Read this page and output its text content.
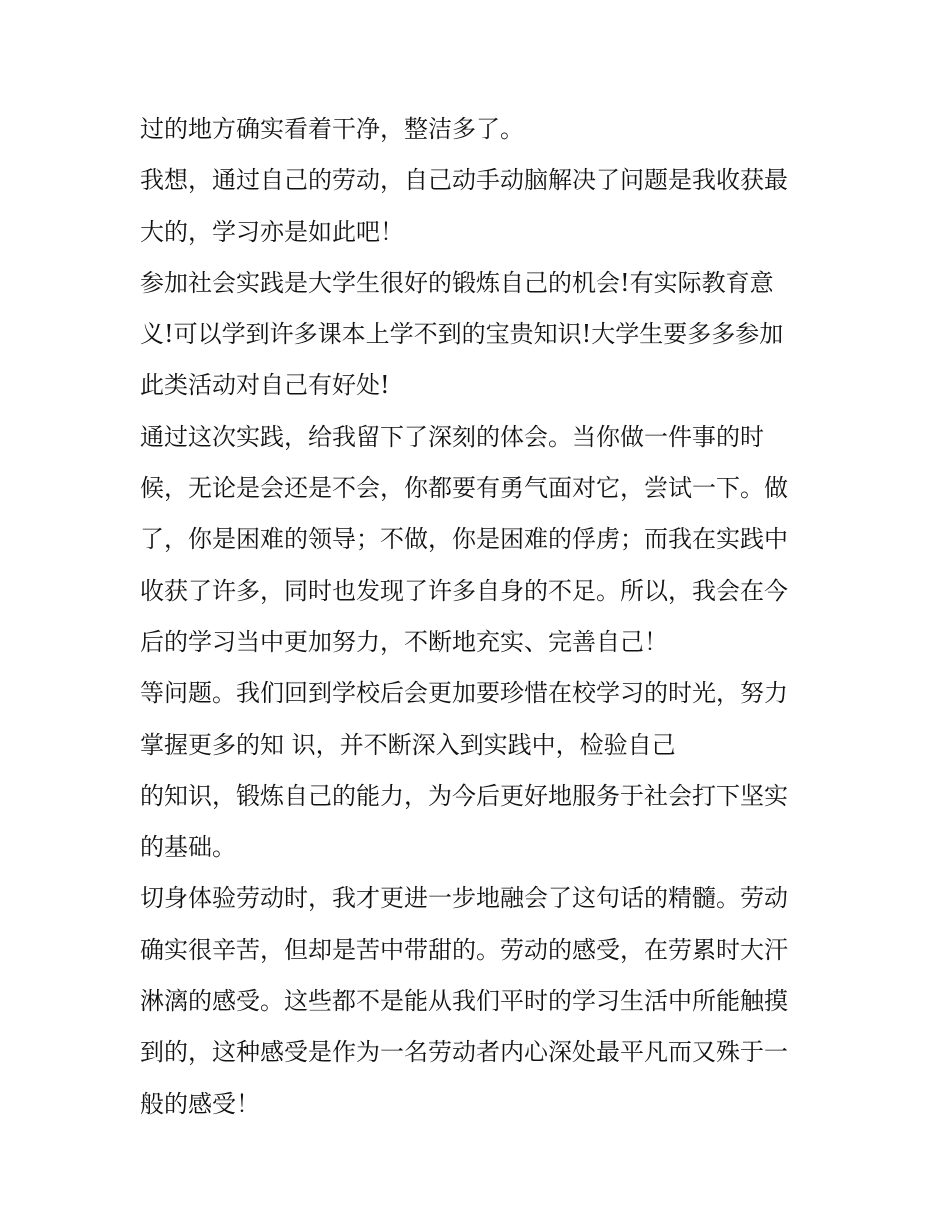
过的地方确实看着干净，整洁多了。
我想，通过自己的劳动，自己动手动脑解决了问题是我收获最
大的，学习亦是如此吧！
参加社会实践是大学生很好的锻炼自己的机会!有实际教育意
义!可以学到许多课本上学不到的宝贵知识!大学生要多多参加
此类活动对自己有好处!
通过这次实践，给我留下了深刻的体会。当你做一件事的时
候，无论是会还是不会，你都要有勇气面对它，尝试一下。做
了，你是困难的领导；不做，你是困难的俘虏；而我在实践中
收获了许多，同时也发现了许多自身的不足。所以，我会在今
后的学习当中更加努力，不断地充实、完善自己！
等问题。我们回到学校后会更加要珍惜在校学习的时光，努力
掌握更多的知 识，并不断深入到实践中，检验自己
的知识，锻炼自己的能力，为今后更好地服务于社会打下坚实
的基础。
切身体验劳动时，我才更进一步地融会了这句话的精髓。劳动
确实很辛苦，但却是苦中带甜的。劳动的感受，在劳累时大汗
淋漓的感受。这些都不是能从我们平时的学习生活中所能触摸
到的，这种感受是作为一名劳动者内心深处最平凡而又殊于一
般的感受！
